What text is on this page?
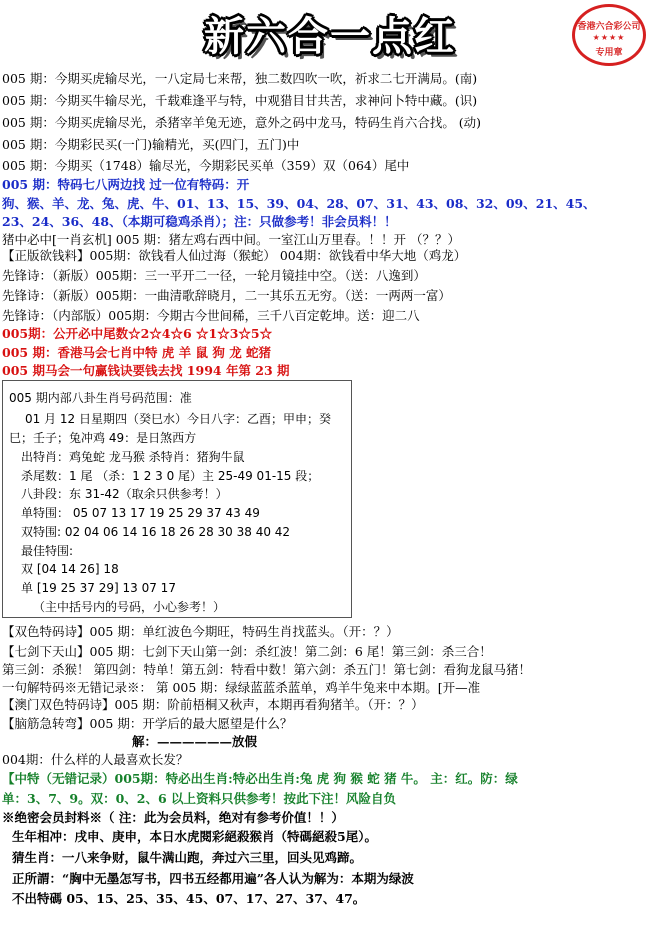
新六合一点红	香港六合彩公司
★★★★
专用章
005 期：今期买虎输尽光，一八定局七来帮，独二数四吹一吹，祈求二七开满局。(南)
005 期：今期买牛输尽光，千载难逢平与特，中观猎目甘共苦，求神问卜特中藏。(识)
005 期：今期买虎输尽光，杀猪宰羊兔无迹，意外之码中龙马，特码生肖六合找。 (动)
005 期：今期彩民买(一门)输精光，买(四门，五门)中
005 期：今期买（1748）输尽光，今期彩民买单（359）双（064）尾中
005 期：特码七八两边找 过一位有特码：开
狗、猴、羊、龙、兔、虎、牛、01、13、15、39、04、28、07、31、43、08、32、09、21、45、
23、24、36、48、（本期可稳鸡杀肖）；注：只做参考！非会员料！！
猪中必中[一肖玄机] 005 期：猪左鸡右西中间。一室江山万里春。！！开 （？？）
【正版欲钱料】005期：欲钱看人仙过海（猴蛇） 004期：欲钱看中华大地（鸡龙）
先锋诗：（新版）005期：三一平开二一径，一轮月镜挂中空。（送：八逸到）
先锋诗：（新版）005期：一曲清歌辞晓月，二一其乐五无穷。（送：一两两一富）
先锋诗：（内部版）005期：今期古今世间稀，三千八百定乾坤。送：迎二八
005期：公开必中尾数☆2☆4☆6 ☆1☆3☆5☆
005 期：香港马会七肖中特 虎 羊 鼠 狗 龙 蛇猪
005 期马会一句赢钱诀要钱去找 1994 年第 23 期
005 期内部八卦生肖号码范围：准
01 月 12 日星期四（癸巳水）今日八字：乙酉；甲申；癸
巳；壬子；兔冲鸡 49：是日煞西方
出特肖：鸡兔蛇 龙马猴 杀特肖：猪狗牛鼠
杀尾数：1 尾 （杀：1 2 3 0 尾）主 25-49 01-15 段；
八卦段：东 31-42（取余只供参考！）
单特围： 05 07 13 17 19 25 29 37 43 49
双特围: 02 04 06 14 16 18 26 28 30 38 40 42
最佳特围:
双 [04 14 26] 18
单 [19 25 37 29] 13 07 17
（主中括号内的号码，小心参考！）
【双色特码诗】005 期：单红波色今期旺，特码生肖找蓝头。（开：？）
【七剑下天山】005 期：七剑下天山第一剑：杀红波！第二剑：6 尾！第三剑：杀三合！
第三剑：杀猴！ 第四剑：特单！第五剑：特看中数！第六剑：杀五门！第七剑：看狗龙鼠马猪！
一句解特码※无错记录※： 第 005 期：绿绿蓝蓝杀蓝单，鸡羊牛兔来中本期。[开—准
【澳门双色特码诗】005 期：阶前梧桐又秋声，本期再看狗猪羊。（开：？）
【脑筋急转弯】005 期：开学后的最大愿望是什么？
解：——————放假
004期：什么样的人最喜欢长发？
【中特（无错记录）005期：特必出生肖:特必出生肖:兔 虎 狗 猴 蛇 猪 牛。 主：红。防：绿
单：3、7、9。双：0、2、6 以上资料只供参考！按此下注！风险自负
※绝密会员封料※（ 注：此为会员料，绝对有参考价值！！）
生年相冲：戌申、庚申，本日水虎閱彩絕殺猴肖（特碼絕殺5尾）。
猜生肖：一八来争财，鼠牛满山跑，奔过六三里，回头见鸡蹄。
正所謂：“胸中无墨怎写书，四书五经都用遍”各人认为解为：本期为绿波
不出特碼 05、15、25、35、45、07、17、27、37、47。
